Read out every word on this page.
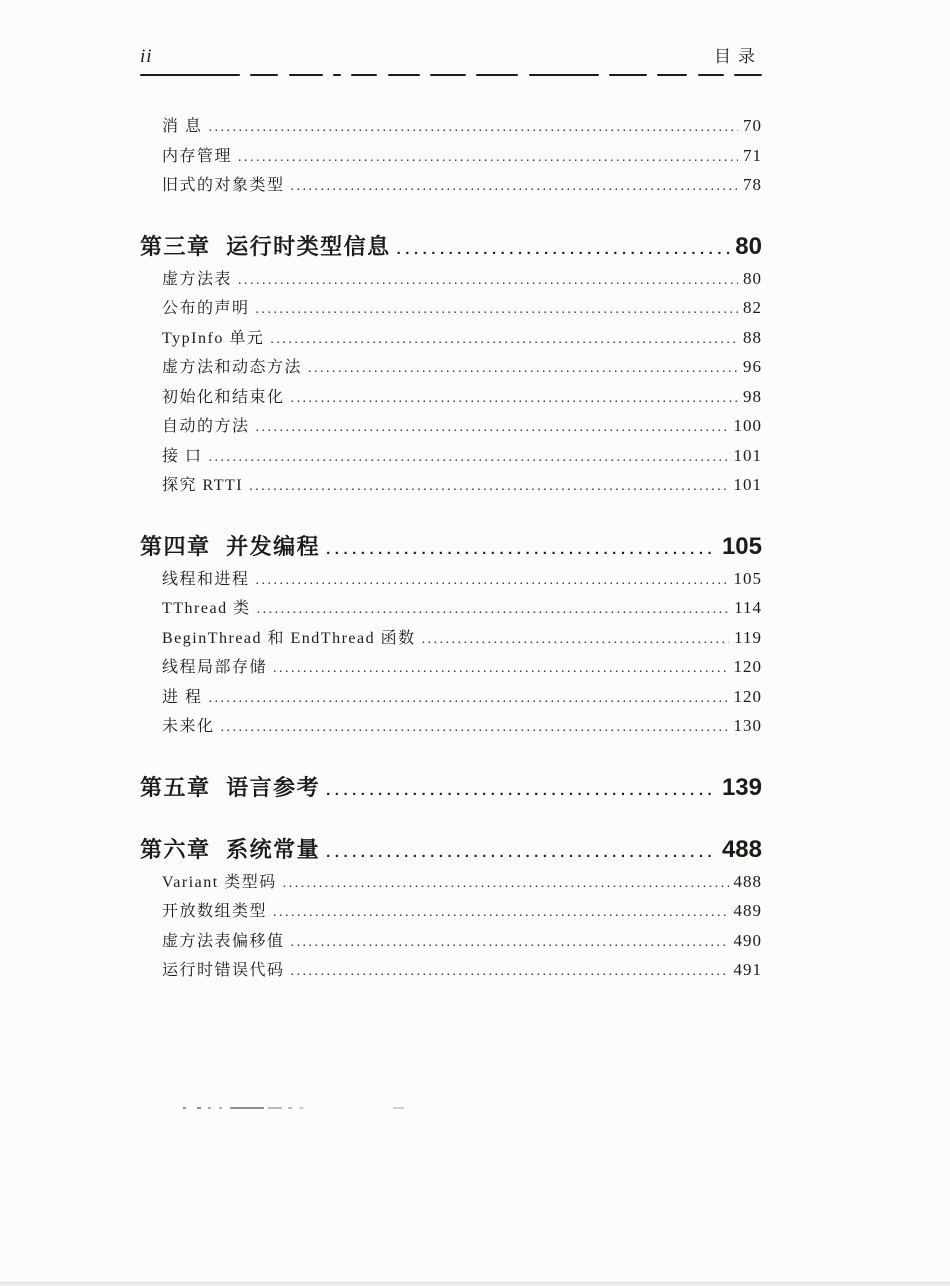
ii	目录
消 息 .....	70
内存管理 .....	71
旧式的对象类型 .....	78
第三章 运行时类型信息 .....	80
虚方法表 .....	80
公布的声明 .....	82
TypInfo 单元 .....	88
虚方法和动态方法 .....	96
初始化和结束化 .....	98
自动的方法 .....	100
接 口 .....	101
探究 RTTI .....	101
第四章 并发编程 .....	105
线程和进程 .....	105
TThread 类 .....	114
BeginThread 和 EndThread 函数 .....	119
线程局部存储 .....	120
进 程 .....	120
未来化 .....	130
第五章 语言参考 .....	139
第六章 系统常量 .....	488
Variant 类型码 .....	488
开放数组类型 .....	489
虚方法表偏移值 .....	490
运行时错误代码 .....	491
